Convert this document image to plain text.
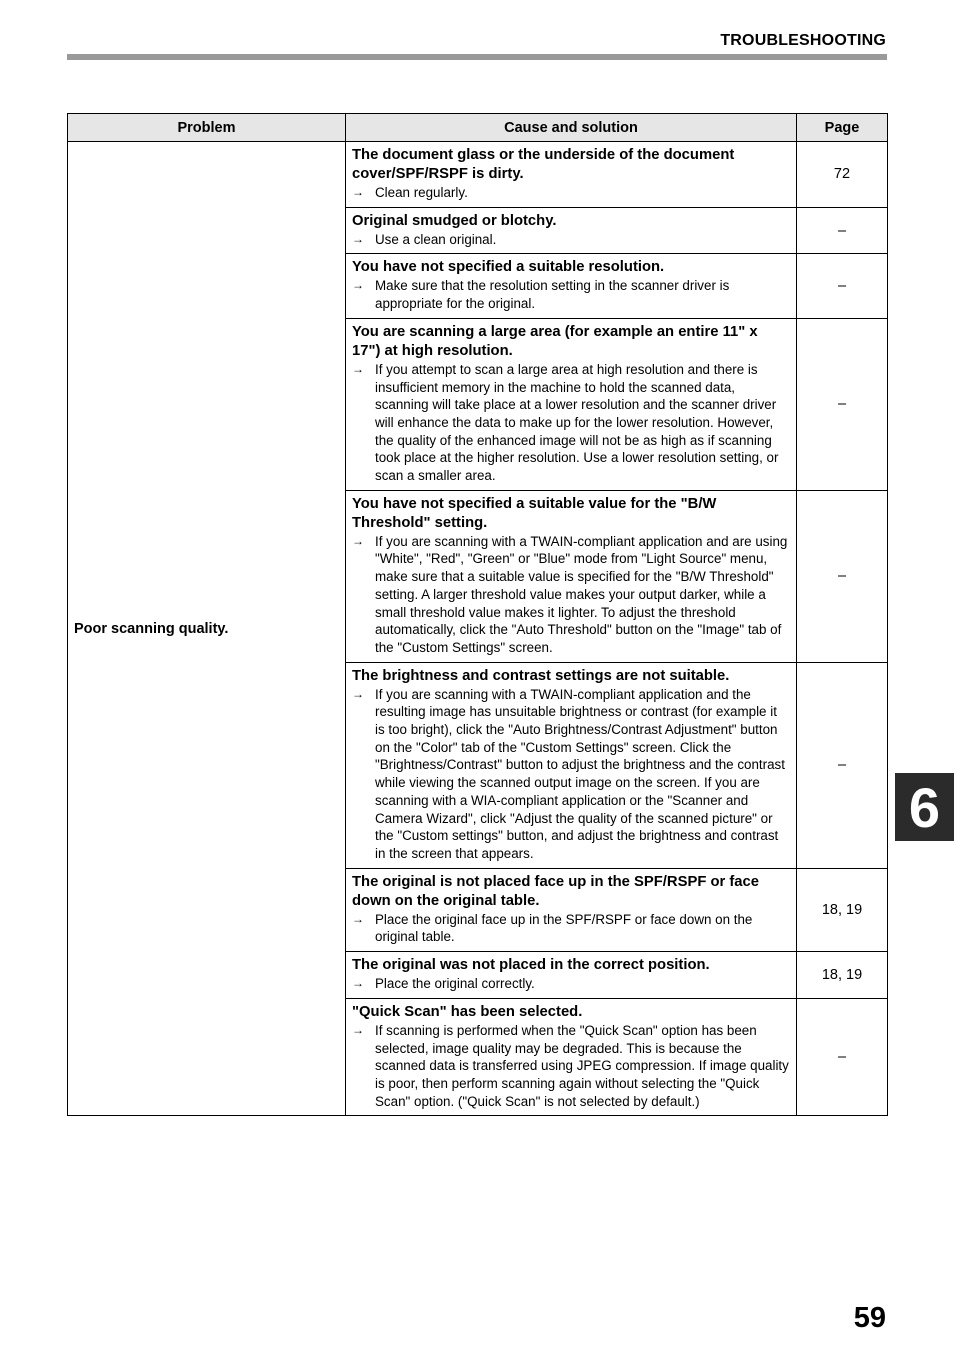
TROUBLESHOOTING
Problem	Cause and solution	Page
Poor scanning quality.	The document glass or the underside of the document cover/SPF/RSPF is dirty.
→ Clean regularly.	72

	Original smudged or blotchy.
→ Use a clean original.	–

	You have not specified a suitable resolution.
→ Make sure that the resolution setting in the scanner driver is appropriate for the original.	–

	You are scanning a large area (for example an entire 11" x 17") at high resolution.
→ If you attempt to scan a large area at high resolution and there is insufficient memory in the machine to hold the scanned data, scanning will take place at a lower resolution and the scanner driver will enhance the data to make up for the lower resolution. However, the quality of the enhanced image will not be as high as if scanning took place at the higher resolution. Use a lower resolution setting, or scan a smaller area.	–

	You have not specified a suitable value for the "B/W Threshold" setting.
→ If you are scanning with a TWAIN-compliant application and are using "White", "Red", "Green" or "Blue" mode from "Light Source" menu, make sure that a suitable value is specified for the "B/W Threshold" setting. A larger threshold value makes your output darker, while a small threshold value makes it lighter. To adjust the threshold automatically, click the "Auto Threshold" button on the "Image" tab of the "Custom Settings" screen.	–

	The brightness and contrast settings are not suitable.
→ If you are scanning with a TWAIN-compliant application and the resulting image has unsuitable brightness or contrast (for example it is too bright), click the "Auto Brightness/Contrast Adjustment" button on the "Color" tab of the "Custom Settings" screen. Click the "Brightness/Contrast" button to adjust the brightness and the contrast while viewing the scanned output image on the screen. If you are scanning with a WIA-compliant application or the "Scanner and Camera Wizard", click "Adjust the quality of the scanned picture" or the "Custom settings" button, and adjust the brightness and contrast in the screen that appears.	–

	The original is not placed face up in the SPF/RSPF or face down on the original table.
→ Place the original face up in the SPF/RSPF or face down on the original table.	18, 19

	The original was not placed in the correct position.
→ Place the original correctly.	18, 19

	"Quick Scan" has been selected.
→ If scanning is performed when the "Quick Scan" option has been selected, image quality may be degraded. This is because the scanned data is transferred using JPEG compression. If image quality is poor, then perform scanning again without selecting the "Quick Scan" option. ("Quick Scan" is not selected by default.)	–
6
59
